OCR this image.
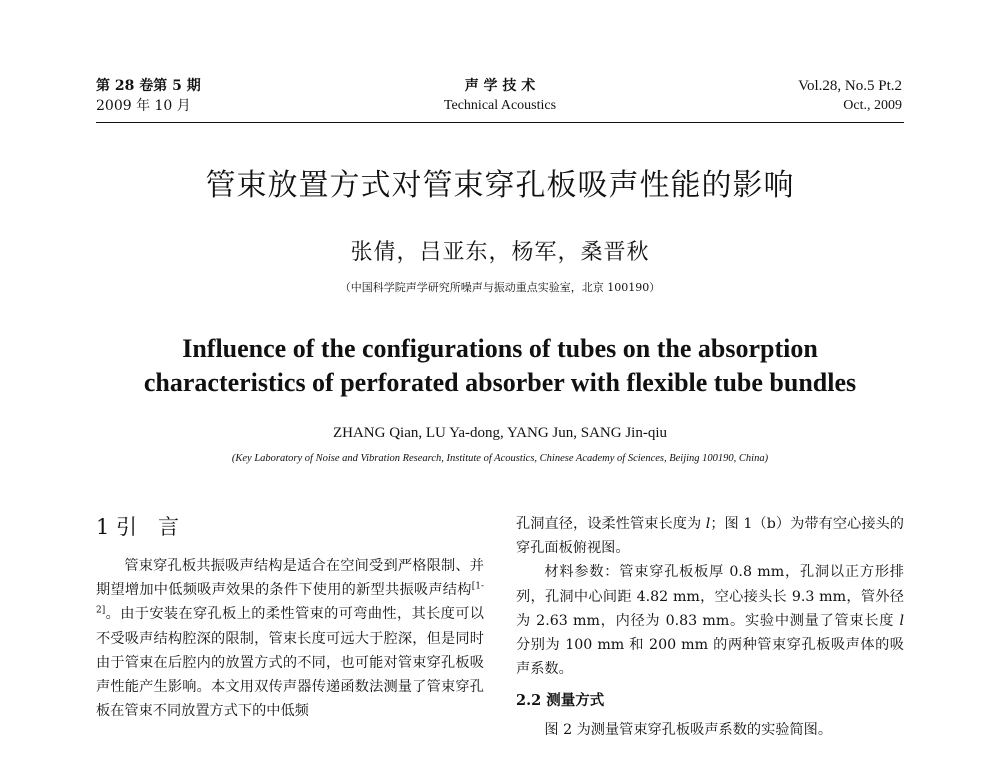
第 28 卷第 5 期
2009 年 10 月
声 学 技 术
Technical Acoustics
Vol.28, No.5 Pt.2
Oct., 2009
管束放置方式对管束穿孔板吸声性能的影响
张倩，吕亚东，杨军，桑晋秋
（中国科学院声学研究所噪声与振动重点实验室，北京 100190）
Influence of the configurations of tubes on the absorption
characteristics of perforated absorber with flexible tube bundles
ZHANG Qian, LU Ya-dong, YANG Jun, SANG Jin-qiu
(Key Laboratory of Noise and Vibration Research, Institute of Acoustics, Chinese Academy of Sciences, Beijing 100190, China)
1 引　言

管束穿孔板共振吸声结构是适合在空间受到严格限制、并期望增加中低频吸声效果的条件下使用的新型共振吸声结构[1-2]。由于安装在穿孔板上的柔性管束的可弯曲性，其长度可以不受吸声结构腔深的限制，管束长度可远大于腔深，但是同时由于管束在后腔内的放置方式的不同，也可能对管束穿孔板吸声性能产生影响。本文用双传声器传递函数法测量了管束穿孔板在管束不同放置方式下的中低频

孔洞直径，设柔性管束长度为 l；图 1（b）为带有空心接头的穿孔面板俯视图。

材料参数：管束穿孔板板厚 0.8 mm，孔洞以正方形排列，孔洞中心间距 4.82 mm，空心接头长 9.3 mm，管外径为 2.63 mm，内径为 0.83 mm。实验中测量了管束长度 l 分别为 100 mm 和 200 mm 的两种管束穿孔板吸声体的吸声系数。

2.2 测量方式

图 2 为测量管束穿孔板吸声系数的实验简图。
